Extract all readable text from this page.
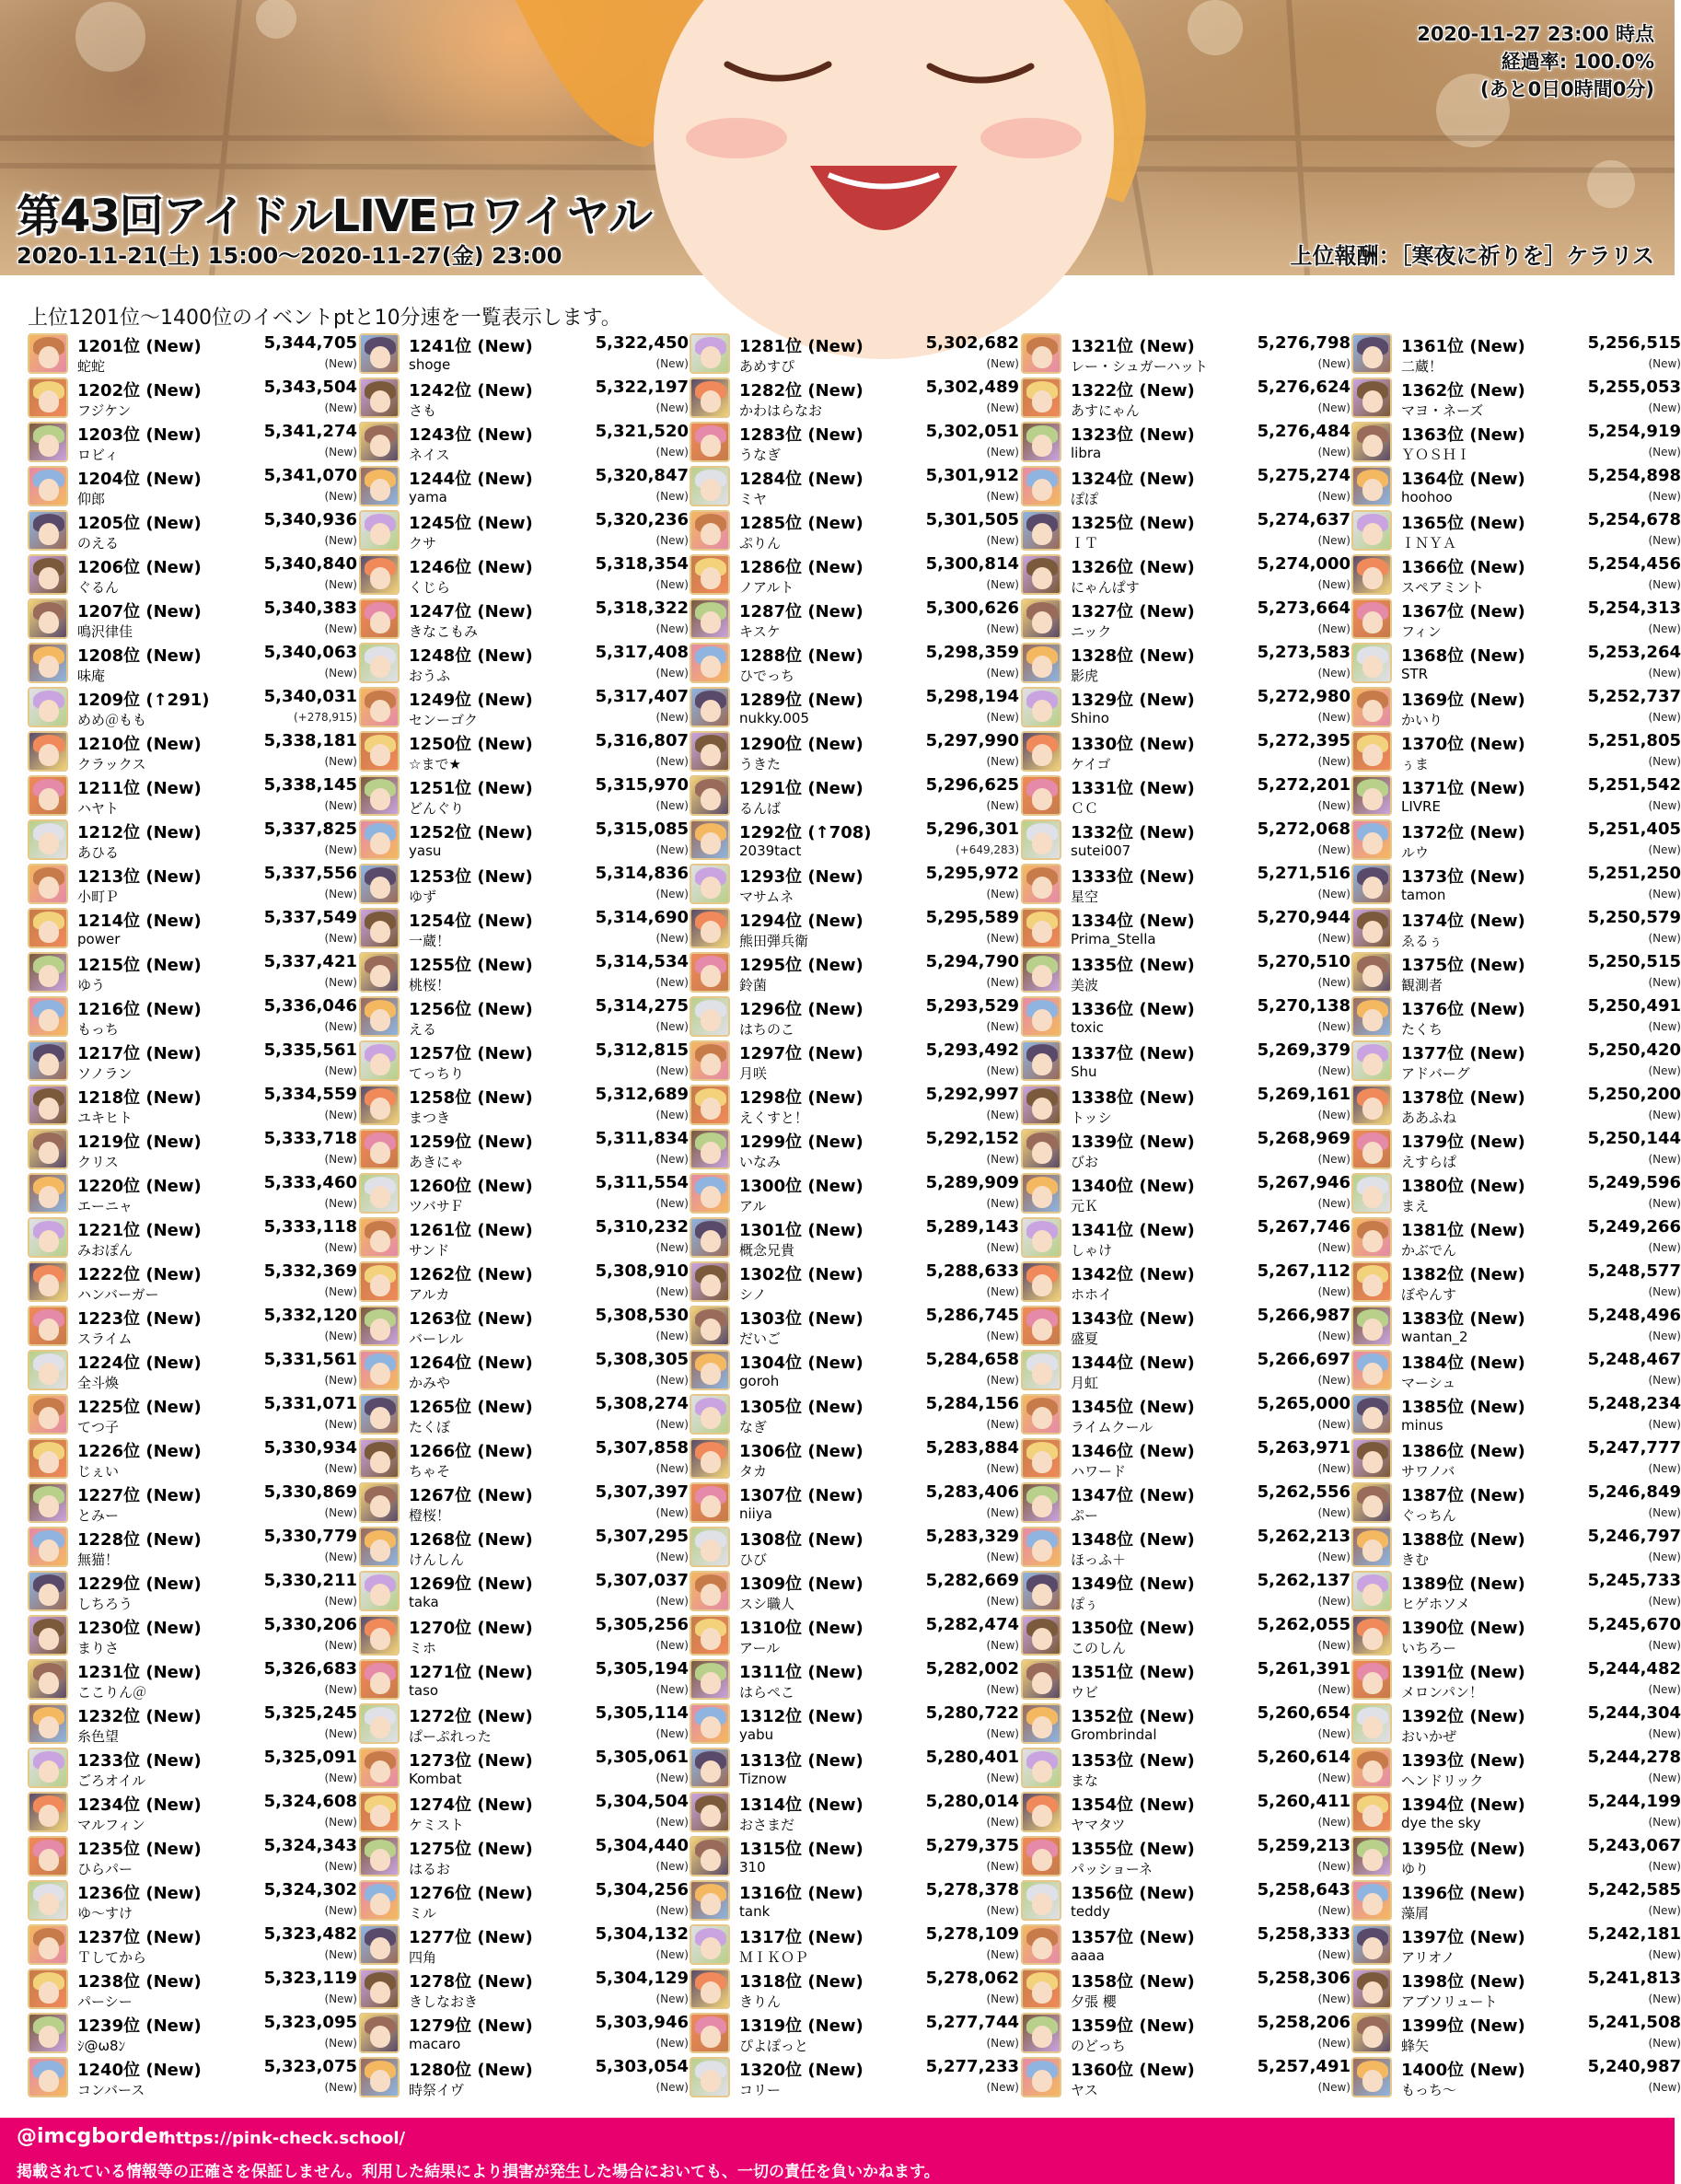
2020-11-27 23:00 時点
経過率: 100.0%
(あと0日0時間0分)
第43回アイドルLIVEロワイヤル
2020-11-21(土) 15:00～2020-11-27(金) 23:00	上位報酬：［寒夜に祈りを］ケラリス
上位1201位～1400位のイベントptと10分速を一覧表示します。
1201位 (New)
蛇蛇
5,344,705
(New)
1202位 (New)
フジケン
5,343,504
(New)
1203位 (New)
ロビィ
5,341,274
(New)
1204位 (New)
仰郎
5,341,070
(New)
1205位 (New)
のえる
5,340,936
(New)
1206位 (New)
ぐるん
5,340,840
(New)
1207位 (New)
鳴沢律佳
5,340,383
(New)
1208位 (New)
味庵
5,340,063
(New)
1209位 (↑291)
めめ＠もも
5,340,031
(+278,915)
1210位 (New)
クラックス
5,338,181
(New)
1211位 (New)
ハヤト
5,338,145
(New)
1212位 (New)
あひる
5,337,825
(New)
1213位 (New)
小町Ｐ
5,337,556
(New)
1214位 (New)
power
5,337,549
(New)
1215位 (New)
ゆう
5,337,421
(New)
1216位 (New)
もっち
5,336,046
(New)
1217位 (New)
ソノラン
5,335,561
(New)
1218位 (New)
ユキヒト
5,334,559
(New)
1219位 (New)
クリス
5,333,718
(New)
1220位 (New)
エーニャ
5,333,460
(New)
1221位 (New)
みおぽん
5,333,118
(New)
1222位 (New)
ハンバーガー
5,332,369
(New)
1223位 (New)
スライム
5,332,120
(New)
1224位 (New)
全斗煥
5,331,561
(New)
1225位 (New)
てつ子
5,331,071
(New)
1226位 (New)
じぇい
5,330,934
(New)
1227位 (New)
とみー
5,330,869
(New)
1228位 (New)
無猫！
5,330,779
(New)
1229位 (New)
しちろう
5,330,211
(New)
1230位 (New)
まりさ
5,330,206
(New)
1231位 (New)
ここりん＠
5,326,683
(New)
1232位 (New)
糸色望
5,325,245
(New)
1233位 (New)
ごろオイル
5,325,091
(New)
1234位 (New)
マルフィン
5,324,608
(New)
1235位 (New)
ひらパー
5,324,343
(New)
1236位 (New)
ゆ～すけ
5,324,302
(New)
1237位 (New)
Ｔしてから
5,323,482
(New)
1238位 (New)
パーシー
5,323,119
(New)
1239位 (New)
ｼ@ω8ﾝ
5,323,095
(New)
1240位 (New)
コンバース
5,323,075
(New)
1241位 (New)
shoge
5,322,450
(New)
1242位 (New)
さも
5,322,197
(New)
1243位 (New)
ネイス
5,321,520
(New)
1244位 (New)
yama
5,320,847
(New)
1245位 (New)
クサ
5,320,236
(New)
1246位 (New)
くじら
5,318,354
(New)
1247位 (New)
きなこもみ
5,318,322
(New)
1248位 (New)
おうふ
5,317,408
(New)
1249位 (New)
センーゴク
5,317,407
(New)
1250位 (New)
☆まで★
5,316,807
(New)
1251位 (New)
どんぐり
5,315,970
(New)
1252位 (New)
yasu
5,315,085
(New)
1253位 (New)
ゆず
5,314,836
(New)
1254位 (New)
一蔵！
5,314,690
(New)
1255位 (New)
桃桜！
5,314,534
(New)
1256位 (New)
える
5,314,275
(New)
1257位 (New)
てっちり
5,312,815
(New)
1258位 (New)
まつき
5,312,689
(New)
1259位 (New)
あきにゃ
5,311,834
(New)
1260位 (New)
ツバサＦ
5,311,554
(New)
1261位 (New)
サンド
5,310,232
(New)
1262位 (New)
アルカ
5,308,910
(New)
1263位 (New)
バーレル
5,308,530
(New)
1264位 (New)
かみや
5,308,305
(New)
1265位 (New)
たくぼ
5,308,274
(New)
1266位 (New)
ちゃそ
5,307,858
(New)
1267位 (New)
橙桜！
5,307,397
(New)
1268位 (New)
けんしん
5,307,295
(New)
1269位 (New)
taka
5,307,037
(New)
1270位 (New)
ミホ
5,305,256
(New)
1271位 (New)
taso
5,305,194
(New)
1272位 (New)
ぱーぷれった
5,305,114
(New)
1273位 (New)
Kombat
5,305,061
(New)
1274位 (New)
ケミスト
5,304,504
(New)
1275位 (New)
はるお
5,304,440
(New)
1276位 (New)
ミル
5,304,256
(New)
1277位 (New)
四角
5,304,132
(New)
1278位 (New)
きしなおき
5,304,129
(New)
1279位 (New)
macaro
5,303,946
(New)
1280位 (New)
時祭イヴ
5,303,054
(New)
1281位 (New)
あめすぴ
5,302,682
(New)
1282位 (New)
かわはらなお
5,302,489
(New)
1283位 (New)
うなぎ
5,302,051
(New)
1284位 (New)
ミヤ
5,301,912
(New)
1285位 (New)
ぷりん
5,301,505
(New)
1286位 (New)
ノアルト
5,300,814
(New)
1287位 (New)
キスケ
5,300,626
(New)
1288位 (New)
ひでっち
5,298,359
(New)
1289位 (New)
nukky.005
5,298,194
(New)
1290位 (New)
うきた
5,297,990
(New)
1291位 (New)
るんば
5,296,625
(New)
1292位 (↑708)
2039tact
5,296,301
(+649,283)
1293位 (New)
マサムネ
5,295,972
(New)
1294位 (New)
熊田弾兵衛
5,295,589
(New)
1295位 (New)
鈴菌
5,294,790
(New)
1296位 (New)
はちのこ
5,293,529
(New)
1297位 (New)
月咲
5,293,492
(New)
1298位 (New)
えくすと！
5,292,997
(New)
1299位 (New)
いなみ
5,292,152
(New)
1300位 (New)
アル
5,289,909
(New)
1301位 (New)
概念兄貴
5,289,143
(New)
1302位 (New)
シノ
5,288,633
(New)
1303位 (New)
だいご
5,286,745
(New)
1304位 (New)
goroh
5,284,658
(New)
1305位 (New)
なぎ
5,284,156
(New)
1306位 (New)
タカ
5,283,884
(New)
1307位 (New)
niiya
5,283,406
(New)
1308位 (New)
ひび
5,283,329
(New)
1309位 (New)
スシ職人
5,282,669
(New)
1310位 (New)
アール
5,282,474
(New)
1311位 (New)
はらぺこ
5,282,002
(New)
1312位 (New)
yabu
5,280,722
(New)
1313位 (New)
Tiznow
5,280,401
(New)
1314位 (New)
おさまだ
5,280,014
(New)
1315位 (New)
310
5,279,375
(New)
1316位 (New)
tank
5,278,378
(New)
1317位 (New)
ＭＩＫＯＰ
5,278,109
(New)
1318位 (New)
きりん
5,278,062
(New)
1319位 (New)
ぴよぽっと
5,277,744
(New)
1320位 (New)
コリー
5,277,233
(New)
1321位 (New)
レー・シュガーハット
5,276,798
(New)
1322位 (New)
あすにゃん
5,276,624
(New)
1323位 (New)
libra
5,276,484
(New)
1324位 (New)
ぽぽ
5,275,274
(New)
1325位 (New)
ＩＴ
5,274,637
(New)
1326位 (New)
にゃんぱす
5,274,000
(New)
1327位 (New)
ニック
5,273,664
(New)
1328位 (New)
影虎
5,273,583
(New)
1329位 (New)
Shino
5,272,980
(New)
1330位 (New)
ケイゴ
5,272,395
(New)
1331位 (New)
ＣＣ
5,272,201
(New)
1332位 (New)
sutei007
5,272,068
(New)
1333位 (New)
星空
5,271,516
(New)
1334位 (New)
Prima_Stella
5,270,944
(New)
1335位 (New)
美波
5,270,510
(New)
1336位 (New)
toxic
5,270,138
(New)
1337位 (New)
Shu
5,269,379
(New)
1338位 (New)
トッシ
5,269,161
(New)
1339位 (New)
びお
5,268,969
(New)
1340位 (New)
元Ｋ
5,267,946
(New)
1341位 (New)
しゃけ
5,267,746
(New)
1342位 (New)
ホホイ
5,267,112
(New)
1343位 (New)
盛夏
5,266,987
(New)
1344位 (New)
月虹
5,266,697
(New)
1345位 (New)
ライムクール
5,265,000
(New)
1346位 (New)
ハワード
5,263,971
(New)
1347位 (New)
ぷー
5,262,556
(New)
1348位 (New)
ほっふ＋
5,262,213
(New)
1349位 (New)
ぽぅ
5,262,137
(New)
1350位 (New)
このしん
5,262,055
(New)
1351位 (New)
ウビ
5,261,391
(New)
1352位 (New)
Grombrindal
5,260,654
(New)
1353位 (New)
まな
5,260,614
(New)
1354位 (New)
ヤマタツ
5,260,411
(New)
1355位 (New)
パッショーネ
5,259,213
(New)
1356位 (New)
teddy
5,258,643
(New)
1357位 (New)
aaaa
5,258,333
(New)
1358位 (New)
夕張 櫻
5,258,306
(New)
1359位 (New)
のどっち
5,258,206
(New)
1360位 (New)
ヤス
5,257,491
(New)
1361位 (New)
二蔵！
5,256,515
(New)
1362位 (New)
マヨ・ネーズ
5,255,053
(New)
1363位 (New)
ＹＯＳＨＩ
5,254,919
(New)
1364位 (New)
hoohoo
5,254,898
(New)
1365位 (New)
ＩＮＹＡ
5,254,678
(New)
1366位 (New)
スペアミント
5,254,456
(New)
1367位 (New)
フィン
5,254,313
(New)
1368位 (New)
STR
5,253,264
(New)
1369位 (New)
かいり
5,252,737
(New)
1370位 (New)
ぅま
5,251,805
(New)
1371位 (New)
LIVRE
5,251,542
(New)
1372位 (New)
ルウ
5,251,405
(New)
1373位 (New)
tamon
5,251,250
(New)
1374位 (New)
ゑるぅ
5,250,579
(New)
1375位 (New)
観測者
5,250,515
(New)
1376位 (New)
たくち
5,250,491
(New)
1377位 (New)
アドバーグ
5,250,420
(New)
1378位 (New)
ああふね
5,250,200
(New)
1379位 (New)
えすらぱ
5,250,144
(New)
1380位 (New)
まえ
5,249,596
(New)
1381位 (New)
かぶでん
5,249,266
(New)
1382位 (New)
ぼやんす
5,248,577
(New)
1383位 (New)
wantan_2
5,248,496
(New)
1384位 (New)
マーシュ
5,248,467
(New)
1385位 (New)
minus
5,248,234
(New)
1386位 (New)
サワノバ
5,247,777
(New)
1387位 (New)
ぐっちん
5,246,849
(New)
1388位 (New)
きむ
5,246,797
(New)
1389位 (New)
ヒゲホソメ
5,245,733
(New)
1390位 (New)
いちろー
5,245,670
(New)
1391位 (New)
メロンパン！
5,244,482
(New)
1392位 (New)
おいかぜ
5,244,304
(New)
1393位 (New)
ヘンドリック
5,244,278
(New)
1394位 (New)
dye the sky
5,244,199
(New)
1395位 (New)
ゆり
5,243,067
(New)
1396位 (New)
藻屑
5,242,585
(New)
1397位 (New)
アリオノ
5,242,181
(New)
1398位 (New)
アブソリュート
5,241,813
(New)
1399位 (New)
蜂矢
5,241,508
(New)
1400位 (New)
もっち～
5,240,987
(New)
@imcgborder
https://pink-check.school/
掲載されている情報等の正確さを保証しません。利用した結果により損害が発生した場合においても、一切の責任を負いかねます。
